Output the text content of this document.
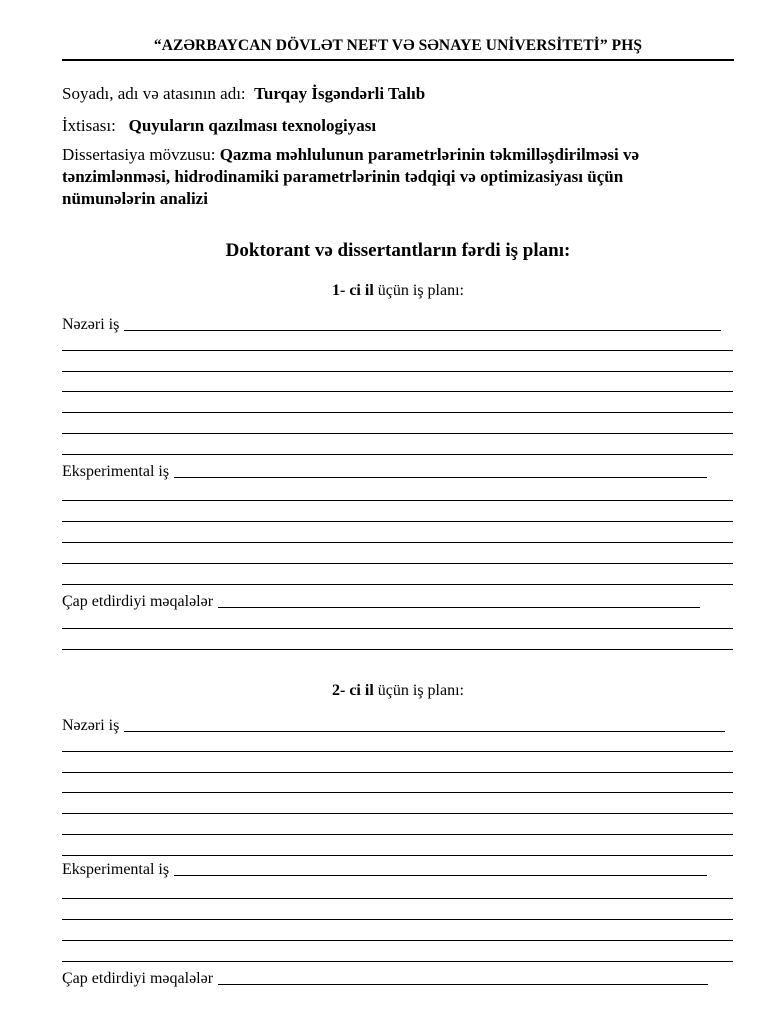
“AZƏRBAYCAN DÖVLƏT NEFT VƏ SƏNAYE UNİVERSİTETİ” PHŞ
Soyadı, adı və atasının adı: Turqay İsgəndərli Talıb
İxtisası: Quyuların qazılması texnologiyası
Dissertasiya mövzusu: Qazma məhlulunun parametrlərinin təkmilləşdirilməsi və
tənzimlənməsi, hidrodinamiki parametrlərinin tədqiqi və optimizasiyası üçün
nümunələrin analizi
Doktorant və dissertantların fərdi iş planı:
1- ci il üçün iş planı:
Nəzəri iş
Eksperimental iş
Çap etdirdiyi məqalələr
2- ci il üçün iş planı:
Nəzəri iş
Eksperimental iş
Çap etdirdiyi məqalələr
